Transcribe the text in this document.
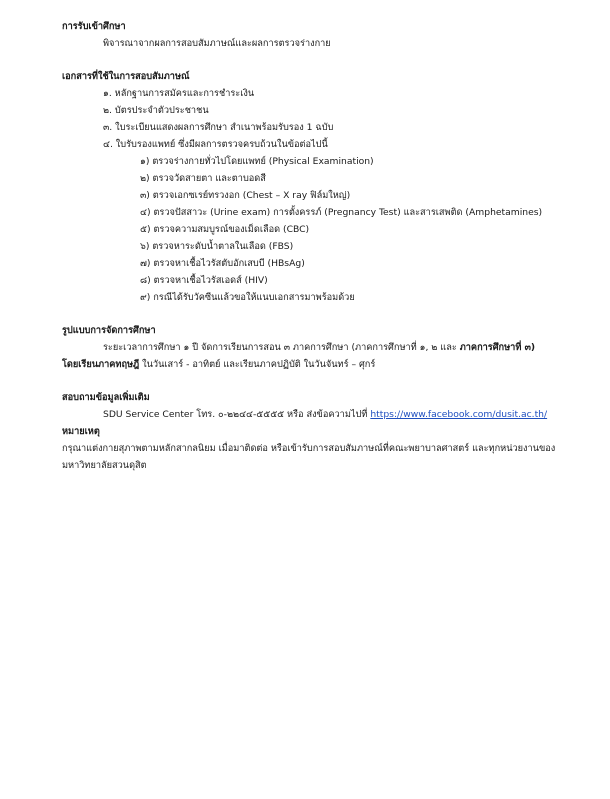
การรับเข้าศึกษา
พิจารณาจากผลการสอบสัมภาษณ์และผลการตรวจร่างกาย
เอกสารที่ใช้ในการสอบสัมภาษณ์
๑. หลักฐานการสมัครและการชำระเงิน
๒. บัตรประจำตัวประชาชน
๓. ใบระเบียนแสดงผลการศึกษา สำเนาพร้อมรับรอง 1 ฉบับ
๔. ใบรับรองแพทย์ ซึ่งมีผลการตรวจครบถ้วนในข้อต่อไปนี้
๑) ตรวจร่างกายทั่วไปโดยแพทย์ (Physical Examination)
๒) ตรวจวัดสายตา และตาบอดสี
๓) ตรวจเอกซเรย์ทรวงอก (Chest – X ray ฟิล์มใหญ่)
๔) ตรวจปัสสาวะ (Urine exam) การตั้งครรภ์ (Pregnancy Test) และสารเสพติด (Amphetamines)
๕) ตรวจความสมบูรณ์ของเม็ดเลือด (CBC)
๖) ตรวจหาระดับน้ำตาลในเลือด (FBS)
๗) ตรวจหาเชื้อไวรัสตับอักเสบบี (HBsAg)
๘) ตรวจหาเชื้อไวรัสเอดส์ (HIV)
๙) กรณีได้รับวัคซีนแล้วขอให้แนบเอกสารมาพร้อมด้วย
รูปแบบการจัดการศึกษา
ระยะเวลาการศึกษา ๑ ปี จัดการเรียนการสอน ๓ ภาคการศึกษา (ภาคการศึกษาที่ ๑, ๒ และ ภาคการศึกษาที่ ๓)
โดยเรียนภาคทฤษฎี ในวันเสาร์ - อาทิตย์ และเรียนภาคปฏิบัติ ในวันจันทร์ – ศุกร์
สอบถามข้อมูลเพิ่มเติม
SDU Service Center โทร. ๐-๒๒๔๔-๕๕๕๕ หรือ ส่งข้อความไปที่ https://www.facebook.com/dusit.ac.th/
หมายเหตุ
กรุณาแต่งกายสุภาพตามหลักสากลนิยม เมื่อมาติดต่อ หรือเข้ารับการสอบสัมภาษณ์ที่คณะพยาบาลศาสตร์ และทุกหน่วยงานของ
มหาวิทยาลัยสวนดุสิต
